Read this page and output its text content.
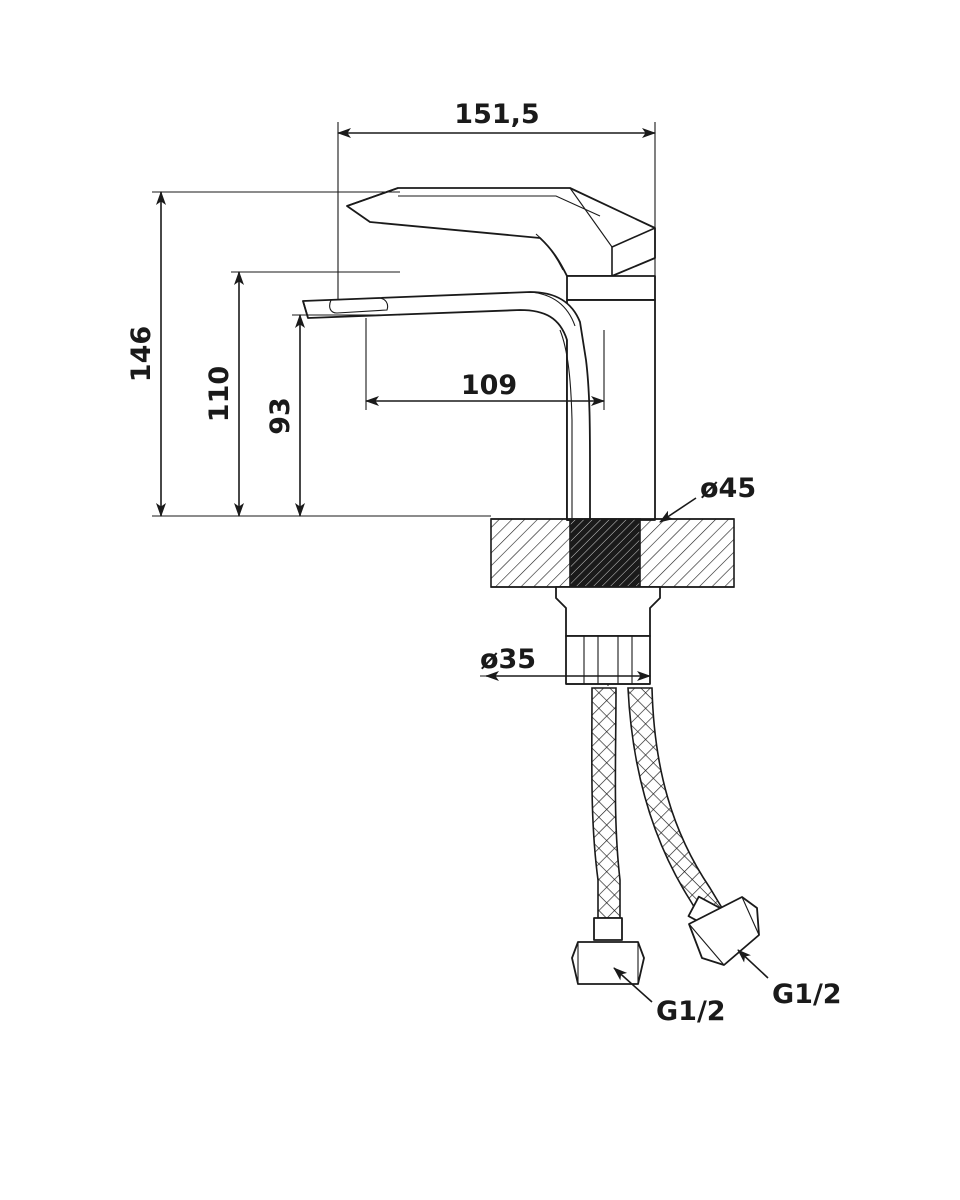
151,5
146
110 93
109
ø45
ø35
G1/2
G1/2
